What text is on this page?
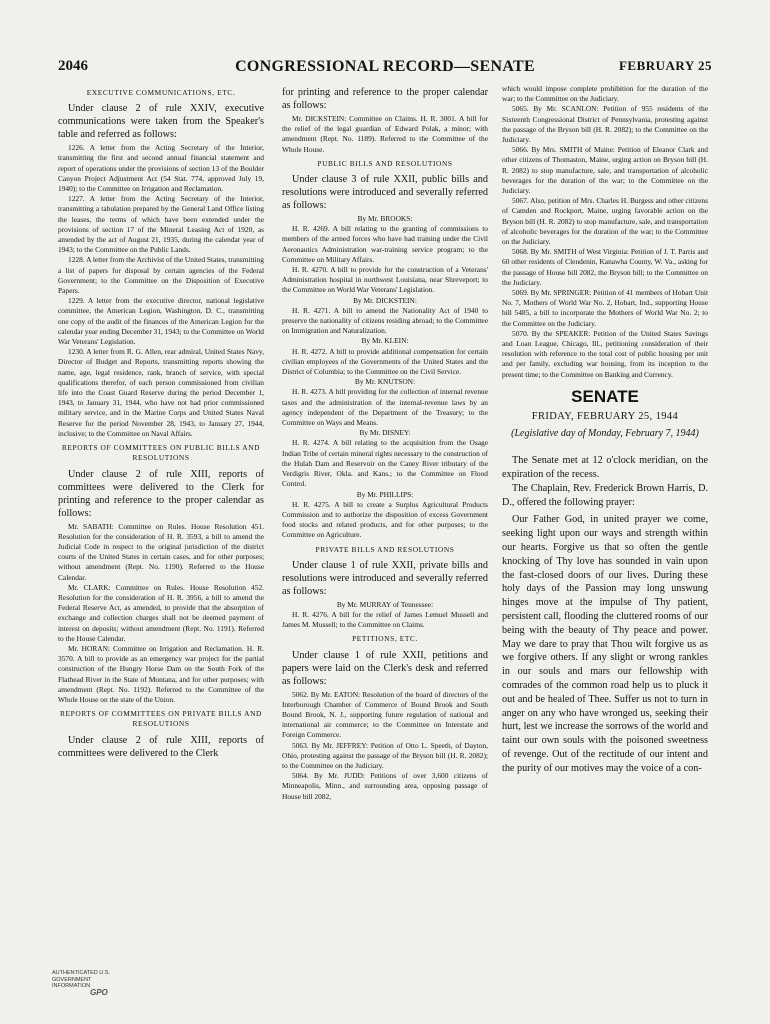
2046	CONGRESSIONAL RECORD—SENATE	FEBRUARY 25
EXECUTIVE COMMUNICATIONS, ETC.

Under clause 2 of rule XXIV, executive communications were taken from the Speaker's table and referred as follows:

1226. A letter from the Acting Secretary of the Interior, transmitting the first and second annual financial statement and report of operations under the provisions of section 13 of the Boulder Canyon Project Adjustment Act (54 Stat. 774, approved July 19, 1940); to the Committee on Irrigation and Reclamation.

1227. A letter from the Acting Secretary of the Interior, transmitting a tabulation prepared by the General Land Office listing the leases, the terms of which have been extended under the provisions of section 17 of the Mineral Leasing Act of 1920, as amended by the act of August 21, 1935, during the calendar year of 1943; to the Committee on the Public Lands.

1228. A letter from the Archivist of the United States, transmitting a list of papers for disposal by certain agencies of the Federal Government; to the Committee on the Disposition of Executive Papers.

1229. A letter from the executive director, national legislative committee, the American Legion, Washington, D. C., transmitting one copy of the audit of the finances of the American Legion for the calendar year ending December 31, 1943; to the Committee on World War Veterans' Legislation.

1230. A letter from R. G. Allen, rear admiral, United States Navy, Director of Budget and Reports, transmitting reports showing the name, age, legal residence, rank, branch of service, with special qualifications therefor, of each person commissioned from civilian life into the Coast Guard Reserve during the period December 1, 1943, to January 31, 1944, who have not had prior commissioned military service, and in the Marine Corps and United States Naval Reserve for the period November 28, 1943, to January 27, 1944, inclusive; to the Committee on Naval Affairs.

REPORTS OF COMMITTEES ON PUBLIC BILLS AND RESOLUTIONS

Under clause 2 of rule XIII, reports of committees were delivered to the Clerk for printing and reference to the proper calendar as follows:

Mr. SABATH: Committee on Rules. House Resolution 451. Resolution for the consideration of H. R. 3593, a bill to amend the Judicial Code in respect to the original jurisdiction of the district courts of the United States in certain cases, and for other purposes; without amendment (Rept. No. 1190). Referred to the House Calendar.

Mr. CLARK: Committee on Rules. House Resolution 452. Resolution for the consideration of H. R. 3956, a bill to amend the Federal Reserve Act, as amended, to provide that the absorption of exchange and collection charges shall not be deemed payment of interest on deposits; without amendment (Rept. No. 1191). Referred to the House Calendar.

Mr. HORAN: Committee on Irrigation and Reclamation. H. R. 3570. A bill to provide as an emergency war project for the partial construction of the Hungry Horse Dam on the South Fork of the Flathead River in the State of Montana, and for other purposes; with amendment (Rept. No. 1192). Referred to the Committee of the Whole House on the state of the Union.

REPORTS OF COMMITTEES ON PRIVATE BILLS AND RESOLUTIONS

Under clause 2 of rule XIII, reports of committees were delivered to the Clerk

for printing and reference to the proper calendar as follows:

Mr. DICKSTEIN: Committee on Claims. H. R. 3001. A bill for the relief of the legal guardian of Edward Polak, a minor; with amendment (Rept. No. 1189). Referred to the Committee of the Whole House.

PUBLIC BILLS AND RESOLUTIONS

Under clause 3 of rule XXII, public bills and resolutions were introduced and severally referred as follows:

By Mr. BROOKS:

H. R. 4269. A bill relating to the granting of commissions to members of the armed forces who have had training under the Civil Aeronautics Administration war-training service program; to the Committee on Military Affairs.

H. R. 4270. A bill to provide for the construction of a Veterans' Administration hospital in northwest Louisiana, near Shreveport; to the Committee on World War Veterans' Legislation.

By Mr. DICKSTEIN:

H. R. 4271. A bill to amend the Nationality Act of 1940 to preserve the nationality of citizens residing abroad; to the Committee on Immigration and Naturalization.

By Mr. KLEIN:

H. R. 4272. A bill to provide additional compensation for certain civilian employees of the Governments of the United States and the District of Columbia; to the Committee on the Civil Service.

By Mr. KNUTSON:

H. R. 4273. A bill providing for the collection of internal revenue taxes and the administration of the internal-revenue laws by an agency independent of the Department of the Treasury; to the Committee on Ways and Means.

By Mr. DISNEY:

H. R. 4274. A bill relating to the acquisition from the Osage Indian Tribe of certain mineral rights necessary to the construction of the Hulah Dam and Reservoir on the Caney River tributary of the Verdigris River, Okla. and Kans.; to the Committee on Flood Control.

By Mr. PHILLIPS:

H. R. 4275. A bill to create a Surplus Agricultural Products Commission and to authorize the disposition of excess Government food stocks and related products, and for other purposes; to the Committee on Agriculture.

PRIVATE BILLS AND RESOLUTIONS

Under clause 1 of rule XXII, private bills and resolutions were introduced and severally referred as follows:

By Mr. MURRAY of Tennessee:

H. R. 4276. A bill for the relief of James Lemuel Mussell and James M. Mussell; to the Committee on Claims.

PETITIONS, ETC.

Under clause 1 of rule XXII, petitions and papers were laid on the Clerk's desk and referred as follows:

5062. By Mr. EATON: Resolution of the board of directors of the Interborough Chamber of Commerce of Bound Brook and South Bound Brook, N. J., supporting future regulation of national and international air commerce; to the Committee on Interstate and Foreign Commerce.

5063. By Mr. JEFFREY: Petition of Otto L. Speeth, of Dayton, Ohio, protesting against the passage of the Bryson bill (H. R. 2082); to the Committee on the Judiciary.

5064. By Mr. JUDD: Petitions of over 3,600 citizens of Minneapolis, Minn., and surrounding area, opposing passage of House bill 2082,

which would impose complete prohibition for the duration of the war; to the Committee on the Judiciary.

5065. By Mr. SCANLON: Petition of 955 residents of the Sixteenth Congressional District of Pennsylvania, protesting against the passage of the Bryson bill (H. R. 2082); to the Committee on the Judiciary.

5066. By Mrs. SMITH of Maine: Petition of Eleanor Clark and other citizens of Thomaston, Maine, urging action on Bryson bill (H. R. 2082) to stop manufacture, sale, and transportation of alcoholic beverages for the duration of the war; to the Committee on the Judiciary.

5067. Also, petition of Mrs. Charles H. Burgess and other citizens of Camden and Rockport, Maine, urging favorable action on the Bryson bill (H. R. 2082) to stop manufacture, sale, and transportation of alcoholic beverages for the duration of the war; to the Committee on the Judiciary.

5068. By Mr. SMITH of West Virginia: Petition of J. T. Parris and 60 other residents of Clendenin, Kanawha County, W. Va., asking for the passage of House bill 2082, the Bryson bill; to the Committee on the Judiciary.

5069. By Mr. SPRINGER: Petition of 41 members of Hobart Unit No. 7, Mothers of World War No. 2, Hobart, Ind., supporting House bill 5485, a bill to incorporate the Mothers of World War No. 2; to the Committee on the Judiciary.

5070. By the SPEAKER: Petition of the United States Savings and Loan League, Chicago, Ill., petitioning consideration of their resolution with reference to the total cost of public housing per unit and per family, excluding war housing, from its inception to the present time; to the Committee on Banking and Currency.

SENATE
FRIDAY, FEBRUARY 25, 1944
(Legislative day of Monday, February 7, 1944)

The Senate met at 12 o'clock meridian, on the expiration of the recess.

The Chaplain, Rev. Frederick Brown Harris, D. D., offered the following prayer:

Our Father God, in united prayer we come, seeking light upon our ways and strength within our hearts. Forgive us that so often the gentle knocking of Thy love has sounded in vain upon the fast-closed doors of our lives. During these holy days of the Passion may long unswung hinges move at the impulse of Thy patient, persistent call, flooding the cluttered rooms of our being with the beauty of Thy peace and power. May we dare to pray that Thou wilt forgive us as we forgive others. If any slight or wrong rankles in our souls and mars our fellowship with comrades of the common road help us to pluck it out and be healed of Thee. Suffer us not to turn in anger on any who have wronged us, seeking their hurt, lest we increase the sorrows of the world and taint our own souls with the poisoned sweetness of revenge. Out of the rectitude of our intent and the purity of our motives may the voice of a con-

AUTHENTICATED U.S. GOVERNMENT INFORMATION
GPO
